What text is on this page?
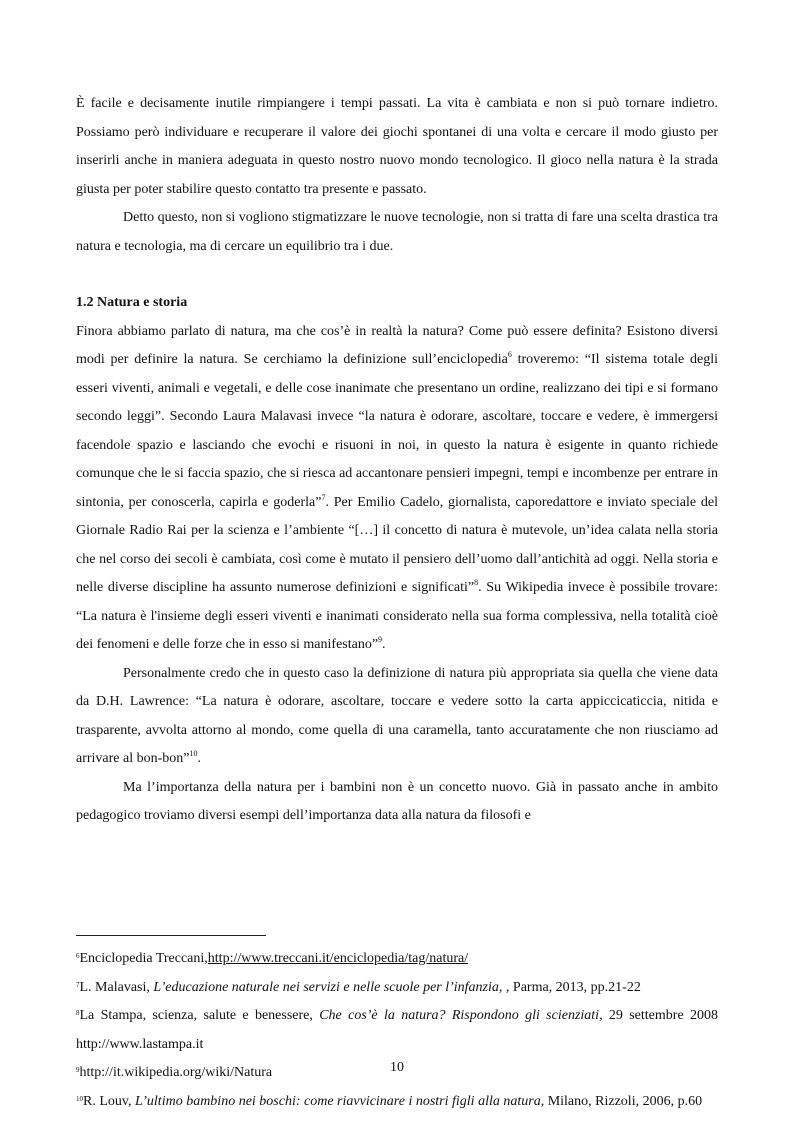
È facile e decisamente inutile rimpiangere i tempi passati. La vita è cambiata e non si può tornare indietro. Possiamo però individuare e recuperare il valore dei giochi spontanei di una volta e cercare il modo giusto per inserirli anche in maniera adeguata in questo nostro nuovo mondo tecnologico. Il gioco nella natura è la strada giusta per poter stabilire questo contatto tra presente e passato.

Detto questo, non si vogliono stigmatizzare le nuove tecnologie, non si tratta di fare una scelta drastica tra natura e tecnologia, ma di cercare un equilibrio tra i due.

1.2 Natura e storia

Finora abbiamo parlato di natura, ma che cos’è in realtà la natura? Come può essere definita? Esistono diversi modi per definire la natura. Se cerchiamo la definizione sull’enciclopedia$^6$ troveremo: “Il sistema totale degli esseri viventi, animali e vegetali, e delle cose inanimate che presentano un ordine, realizzano dei tipi e si formano secondo leggi”. Secondo Laura Malavasi invece “la natura è odorare, ascoltare, toccare e vedere, è immergersi facendole spazio e lasciando che evochi e risuoni in noi, in questo la natura è esigente in quanto richiede comunque che le si faccia spazio, che si riesca ad accantonare pensieri impegni, tempi e incombenze per entrare in sintonia, per conoscerla, capirla e goderla”$^7$. Per Emilio Cadelo, giornalista, caporedattore e inviato speciale del Giornale Radio Rai per la scienza e l’ambiente “[…] il concetto di natura è mutevole, un’idea calata nella storia che nel corso dei secoli è cambiata, così come è mutato il pensiero dell’uomo dall’antichità ad oggi. Nella storia e nelle diverse discipline ha assunto numerose definizioni e significati”$^8$. Su Wikipedia invece è possibile trovare: “La natura è l'insieme degli esseri viventi e inanimati considerato nella sua forma complessiva, nella totalità cioè dei fenomeni e delle forze che in esso si manifestano”$^9$.

Personalmente credo che in questo caso la definizione di natura più appropriata sia quella che viene data da D.H. Lawrence: “La natura è odorare, ascoltare, toccare e vedere sotto la carta appiccicaticcia, nitida e trasparente, avvolta attorno al mondo, come quella di una caramella, tanto accuratamente che non riusciamo ad arrivare al bon-bon”$^{10}$.

Ma l’importanza della natura per i bambini non è un concetto nuovo. Già in passato anche in ambito pedagogico troviamo diversi esempi dell’importanza data alla natura da filosofi e

$^6$Enciclopedia Treccani,http://www.treccani.it/enciclopedia/tag/natura/

$^7$L. Malavasi, L’educazione naturale nei servizi e nelle scuole per l’infanzia, , Parma, 2013, pp.21-22

$^8$La Stampa, scienza, salute e benessere, Che cos’è la natura? Rispondono gli scienziati, 29 settembre 2008 http://www.lastampa.it

$^9$http://it.wikipedia.org/wiki/Natura

$^{10}$R. Louv, L’ultimo bambino nei boschi: come riavvicinare i nostri figli alla natura, Milano, Rizzoli, 2006, p.60

10
